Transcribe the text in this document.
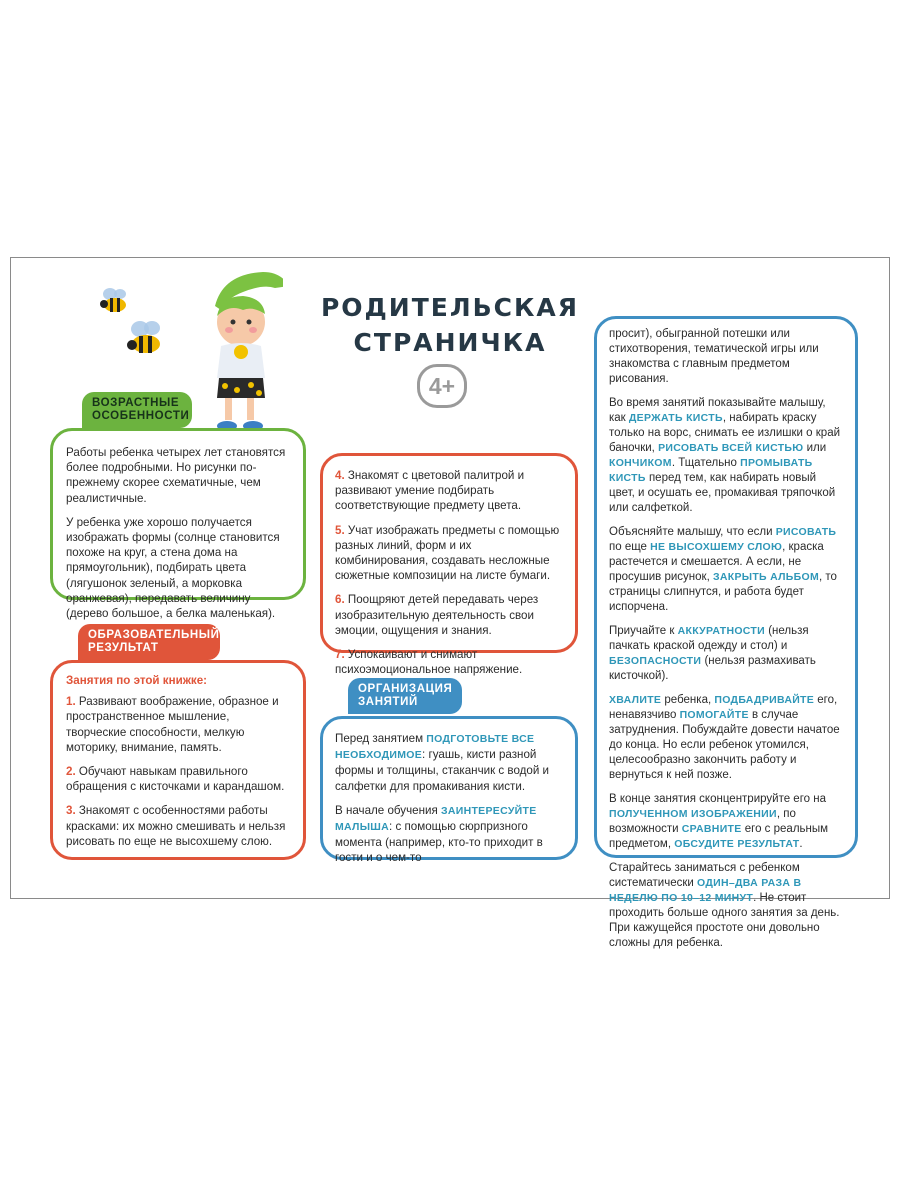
РОДИТЕЛЬСКАЯ
СТРАНИЧКА
4+
ВОЗРАСТНЫЕ ОСОБЕННОСТИ

Работы ребенка четырех лет становятся более подробными. Но рисунки по-прежнему скорее схематичные, чем реалистичные.

У ребенка уже хорошо получается изображать формы (солнце становится похоже на круг, а стена дома на прямоугольник), подбирать цвета (лягушонок зеленый, а морковка оранжевая), передавать величину (дерево большое, а белка маленькая).

ОБРАЗОВАТЕЛЬНЫЙ РЕЗУЛЬТАТ

Занятия по этой книжке:

1. Развивают воображение, образное и пространственное мышление, творческие способности, мелкую моторику, внимание, память.

2. Обучают навыкам правильного обращения с кисточками и карандашом.

3. Знакомят с особенностями работы красками: их можно смешивать и нельзя рисовать по еще не высохшему слою.

4. Знакомят с цветовой палитрой и развивают умение подбирать соответствующие предмету цвета.

5. Учат изображать предметы с помощью разных линий, форм и их комбинирования, создавать несложные сюжетные композиции на листе бумаги.

6. Поощряют детей передавать через изобразительную деятельность свои эмоции, ощущения и знания.

7. Успокаивают и снимают психоэмоциональное напряжение.

ОРГАНИЗАЦИЯ ЗАНЯТИЙ

Перед занятием ПОДГОТОВЬТЕ ВСЕ НЕОБХОДИМОЕ: гуашь, кисти разной формы и толщины, стаканчик с водой и салфетки для промакивания кисти.

В начале обучения ЗАИНТЕРЕСУЙТЕ МАЛЫША: с помощью сюрпризного момента (например, кто-то приходит в гости и о чем-то

просит), обыгранной потешки или стихотворения, тематической игры или знакомства с главным предметом рисования.

Во время занятий показывайте малышу, как ДЕРЖАТЬ КИСТЬ, набирать краску только на ворс, снимать ее излишки о край баночки, РИСОВАТЬ ВСЕЙ КИСТЬЮ или КОНЧИКОМ. Тщательно ПРОМЫВАТЬ КИСТЬ перед тем, как набирать новый цвет, и осушать ее, промакивая тряпочкой или салфеткой.

Объясняйте малышу, что если РИСОВАТЬ по еще НЕ ВЫСОХШЕМУ СЛОЮ, краска растечется и смешается. А если, не просушив рисунок, ЗАКРЫТЬ АЛЬБОМ, то страницы слипнутся, и работа будет испорчена.

Приучайте к АККУРАТНОСТИ (нельзя пачкать краской одежду и стол) и БЕЗОПАСНОСТИ (нельзя размахивать кисточкой).

ХВАЛИТЕ ребенка, ПОДБАДРИВАЙТЕ его, ненавязчиво ПОМОГАЙТЕ в случае затруднения. Побуждайте довести начатое до конца. Но если ребенок утомился, целесообразно закончить работу и вернуться к ней позже.

В конце занятия сконцентрируйте его на ПОЛУЧЕННОМ ИЗОБРАЖЕНИИ, по возможности СРАВНИТЕ его с реальным предметом, ОБСУДИТЕ РЕЗУЛЬТАТ.

Старайтесь заниматься с ребенком систематически ОДИН–ДВА РАЗА В НЕДЕЛЮ ПО 10–12 МИНУТ. Не стоит проходить больше одного занятия за день. При кажущейся простоте они довольно сложны для ребенка.
